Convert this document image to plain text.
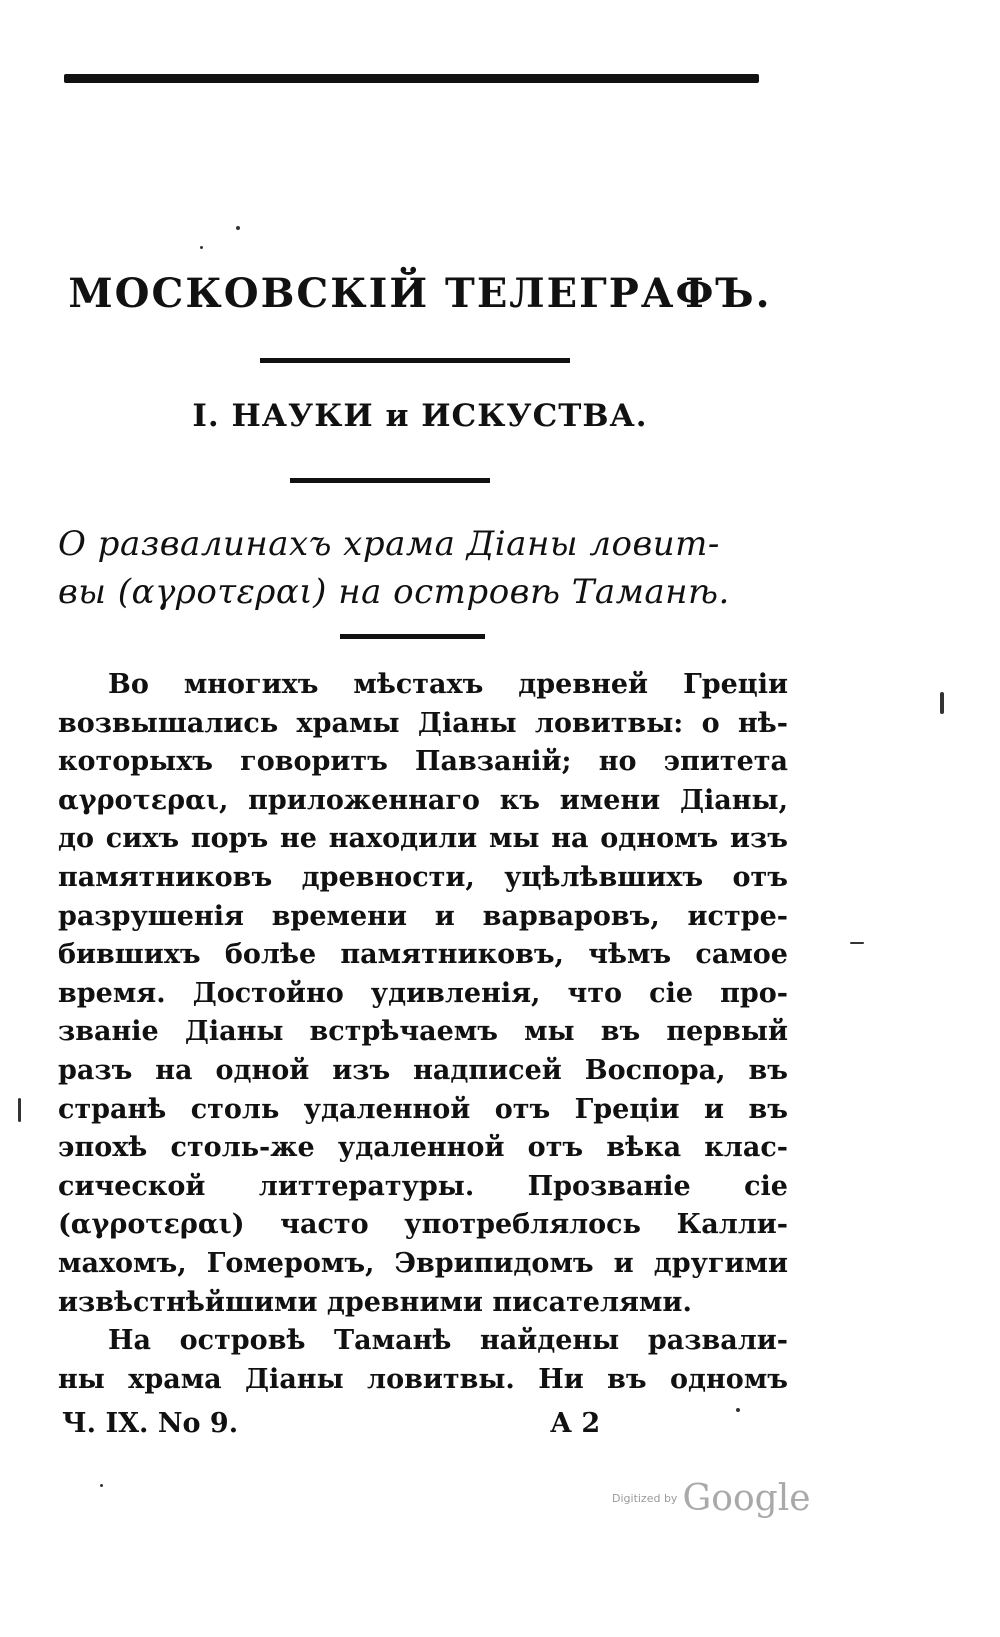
МОСКОВСКІЙ ТЕЛЕГРАФЪ.
I. НАУКИ и ИСКУСТВА.
О развалинахъ храма Діаны ловит-
вы (αγροτεραι) на островѣ Таманѣ.
Во многихъ мѣстахъ древней Греціи
возвышались храмы Діаны ловитвы: о нѣ-
которыхъ говоритъ Павзаній; но эпитета
αγροτεραι, приложеннаго къ имени Діаны,
до сихъ поръ не находили мы на одномъ изъ
памятниковъ древности, уцѣлѣвшихъ отъ
разрушенія времени и варваровъ, истре-
бившихъ болѣе памятниковъ, чѣмъ самое
время. Достойно удивленія, что сіе про-
званіе Діаны встрѣчаемъ мы въ первый
разъ на одной изъ надписей Воспора, въ
странѣ столь удаленной отъ Греціи и въ
эпохѣ столь-же удаленной отъ вѣка клас-
сической литтературы. Прозваніе сіе
(αγροτεραι) часто употреблялось Калли-
махомъ, Гомеромъ, Эврипидомъ и другими
извѣстнѣйшими древними писателями.
На островѣ Таманѣ найдены развали-
ны храма Діаны ловитвы. Ни въ одномъ
Ч. IX. No 9.	А 2
Digitized by Google
